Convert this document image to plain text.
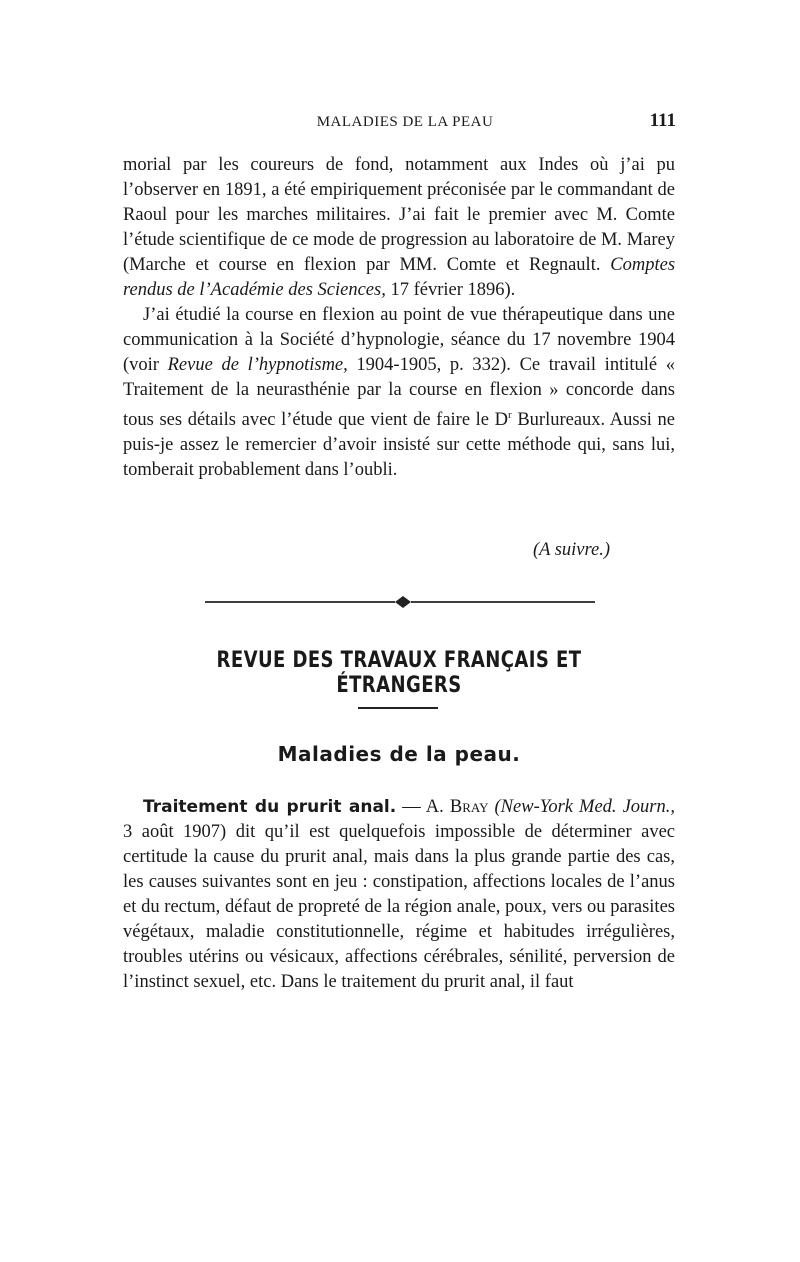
MALADIES DE LA PEAU	111

morial par les coureurs de fond, notamment aux Indes où j’ai pu l’observer en 1891, a été empiriquement préconisée par le commandant de Raoul pour les marches militaires. J’ai fait le premier avec M. Comte l’étude scientifique de ce mode de progression au laboratoire de M. Marey (Marche et course en flexion par MM. Comte et Regnault. Comptes rendus de l’Académie des Sciences, 17 février 1896).

J’ai étudié la course en flexion au point de vue thérapeutique dans une communication à la Société d’hypnologie, séance du 17 novembre 1904 (voir Revue de l’hypnotisme, 1904-1905, p. 332). Ce travail intitulé « Traitement de la neurasthénie par la course en flexion » concorde dans tous ses détails avec l’étude que vient de faire le $D^r$ Burlureaux. Aussi ne puis-je assez le remercier d’avoir insisté sur cette méthode qui, sans lui, tomberait probablement dans l’oubli.

(A suivre.)
REVUE DES TRAVAUX FRANÇAIS ET ÉTRANGERS
Maladies de la peau.

Traitement du prurit anal. — A. Bray (New-York Med. Journ., 3 août 1907) dit qu’il est quelquefois impossible de déterminer avec certitude la cause du prurit anal, mais dans la plus grande partie des cas, les causes suivantes sont en jeu : constipation, affections locales de l’anus et du rectum, défaut de propreté de la région anale, poux, vers ou parasites végétaux, maladie constitutionnelle, régime et habitudes irrégulières, troubles utérins ou vésicaux, affections cérébrales, sénilité, perversion de l’instinct sexuel, etc. Dans le traitement du prurit anal, il faut
